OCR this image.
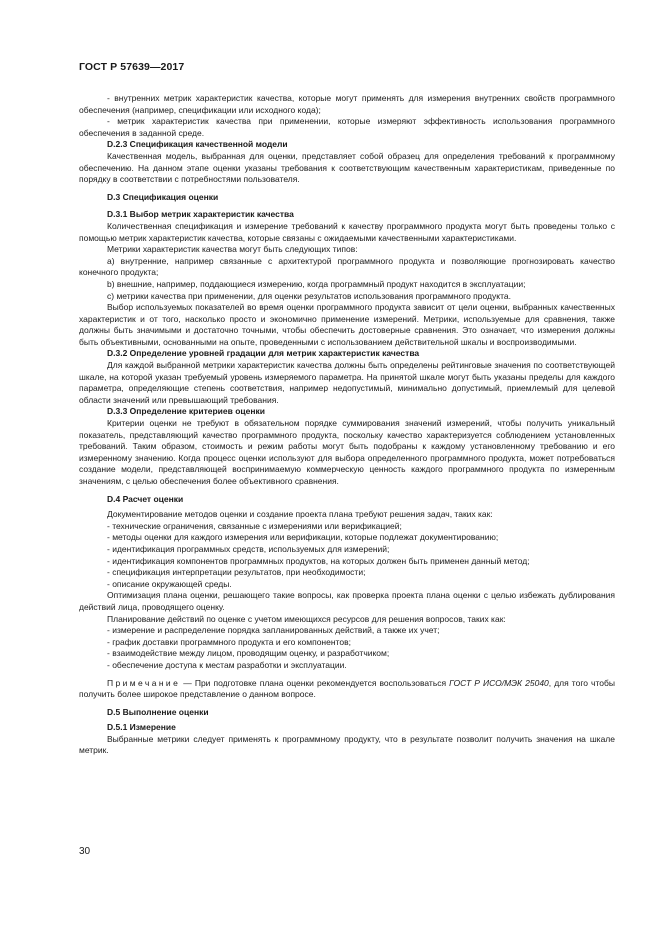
ГОСТ Р 57639—2017

- внутренних метрик характеристик качества, которые могут применять для измерения внутренних свойств программного обеспечения (например, спецификации или исходного кода);

- метрик характеристик качества при применении, которые измеряют эффективность использования программного обеспечения в заданной среде.

D.2.3 Спецификация качественной модели

Качественная модель, выбранная для оценки, представляет собой образец для определения требований к программному обеспечению. На данном этапе оценки указаны требования к соответствующим качественным характеристикам, приведенные по порядку в соответствии с потребностями пользователя.

D.3 Спецификация оценки

D.3.1 Выбор метрик характеристик качества

Количественная спецификация и измерение требований к качеству программного продукта могут быть проведены только с помощью метрик характеристик качества, которые связаны с ожидаемыми качественными характеристиками.

Метрики характеристик качества могут быть следующих типов:

а) внутренние, например связанные с архитектурой программного продукта и позволяющие прогнозировать качество конечного продукта;

b) внешние, например, поддающиеся измерению, когда программный продукт находится в эксплуатации;

с) метрики качества при применении, для оценки результатов использования программного продукта.

Выбор используемых показателей во время оценки программного продукта зависит от цели оценки, выбранных качественных характеристик и от того, насколько просто и экономично применение измерений. Метрики, используемые для сравнения, также должны быть значимыми и достаточно точными, чтобы обеспечить достоверные сравнения. Это означает, что измерения должны быть объективными, основанными на опыте, проведенными с использованием действительной шкалы и воспроизводимыми.

D.3.2 Определение уровней градации для метрик характеристик качества

Для каждой выбранной метрики характеристик качества должны быть определены рейтинговые значения по соответствующей шкале, на которой указан требуемый уровень измеряемого параметра. На принятой шкале могут быть указаны пределы для каждого параметра, определяющие степень соответствия, например недопустимый, минимально допустимый, приемлемый для целевой области значений или превышающий требования.

D.3.3 Определение критериев оценки

Критерии оценки не требуют в обязательном порядке суммирования значений измерений, чтобы получить уникальный показатель, представляющий качество программного продукта, поскольку качество характеризуется соблюдением установленных требований. Таким образом, стоимость и режим работы могут быть подобраны к каждому установленному требованию и его измеренному значению. Когда процесс оценки используют для выбора определенного программного продукта, может потребоваться создание модели, представляющей воспринимаемую коммерческую ценность каждого программного продукта по измеренным значениям, с целью обеспечения более объективного сравнения.

D.4 Расчет оценки

Документирование методов оценки и создание проекта плана требуют решения задач, таких как:

- технические ограничения, связанные с измерениями или верификацией;

- методы оценки для каждого измерения или верификации, которые подлежат документированию;

- идентификация программных средств, используемых для измерений;

- идентификация компонентов программных продуктов, на которых должен быть применен данный метод;

- спецификация интерпретации результатов, при необходимости;

- описание окружающей среды.

Оптимизация плана оценки, решающего такие вопросы, как проверка проекта плана оценки с целью избежать дублирования действий лица, проводящего оценку.

Планирование действий по оценке с учетом имеющихся ресурсов для решения вопросов, таких как:

- измерение и распределение порядка запланированных действий, а также их учет;

- график доставки программного продукта и его компонентов;

- взаимодействие между лицом, проводящим оценку, и разработчиком;

- обеспечение доступа к местам разработки и эксплуатации.

Примечание — При подготовке плана оценки рекомендуется воспользоваться ГОСТ Р ИСО/МЭК 25040, для того чтобы получить более широкое представление о данном вопросе.

D.5 Выполнение оценки

D.5.1 Измерение

Выбранные метрики следует применять к программному продукту, что в результате позволит получить значения на шкале метрик.

30
